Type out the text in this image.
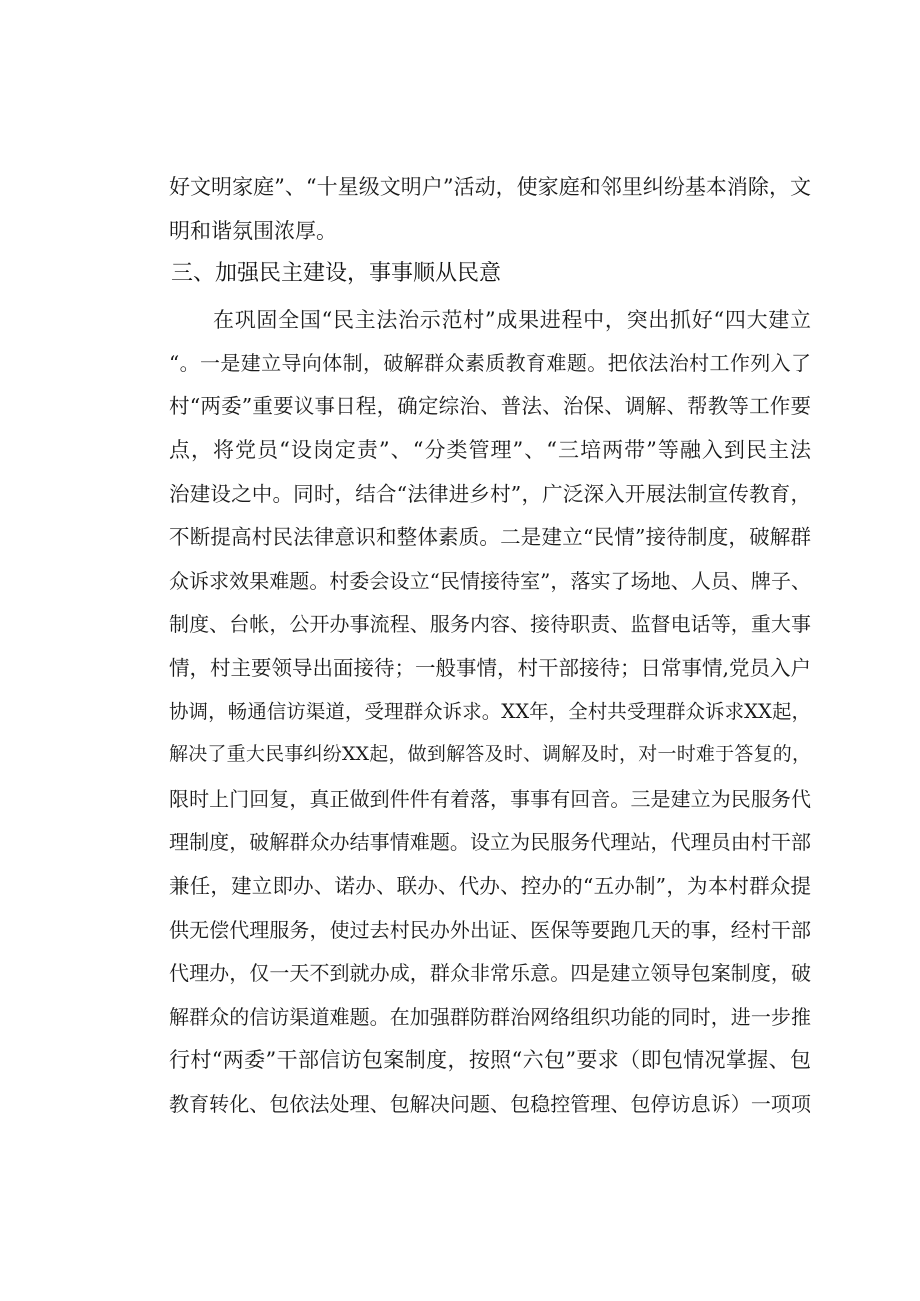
好文明家庭”、“十星级文明户”活动，使家庭和邻里纠纷基本消除，文
明和谐氛围浓厚。
三、加强民主建设，事事顺从民意
在巩固全国“民主法治示范村”成果进程中，突出抓好“四大建立
“。一是建立导向体制，破解群众素质教育难题。把依法治村工作列入了
村“两委”重要议事日程，确定综治、普法、治保、调解、帮教等工作要
点，将党员“设岗定责”、“分类管理”、“三培两带”等融入到民主法
治建设之中。同时，结合“法律进乡村”，广泛深入开展法制宣传教育，
不断提高村民法律意识和整体素质。二是建立“民情”接待制度，破解群
众诉求效果难题。村委会设立“民情接待室”，落实了场地、人员、牌子、
制度、台帐，公开办事流程、服务内容、接待职责、监督电话等，重大事
情，村主要领导出面接待；一般事情，村干部接待；日常事情,党员入户
协调，畅通信访渠道，受理群众诉求。XX年，全村共受理群众诉求XX起，
解决了重大民事纠纷XX起，做到解答及时、调解及时，对一时难于答复的，
限时上门回复，真正做到件件有着落，事事有回音。三是建立为民服务代
理制度，破解群众办结事情难题。设立为民服务代理站，代理员由村干部
兼任，建立即办、诺办、联办、代办、控办的“五办制”，为本村群众提
供无偿代理服务，使过去村民办外出证、医保等要跑几天的事，经村干部
代理办，仅一天不到就办成，群众非常乐意。四是建立领导包案制度，破
解群众的信访渠道难题。在加强群防群治网络组织功能的同时，进一步推
行村“两委”干部信访包案制度，按照“六包”要求（即包情况掌握、包
教育转化、包依法处理、包解决问题、包稳控管理、包停访息诉）一项项
